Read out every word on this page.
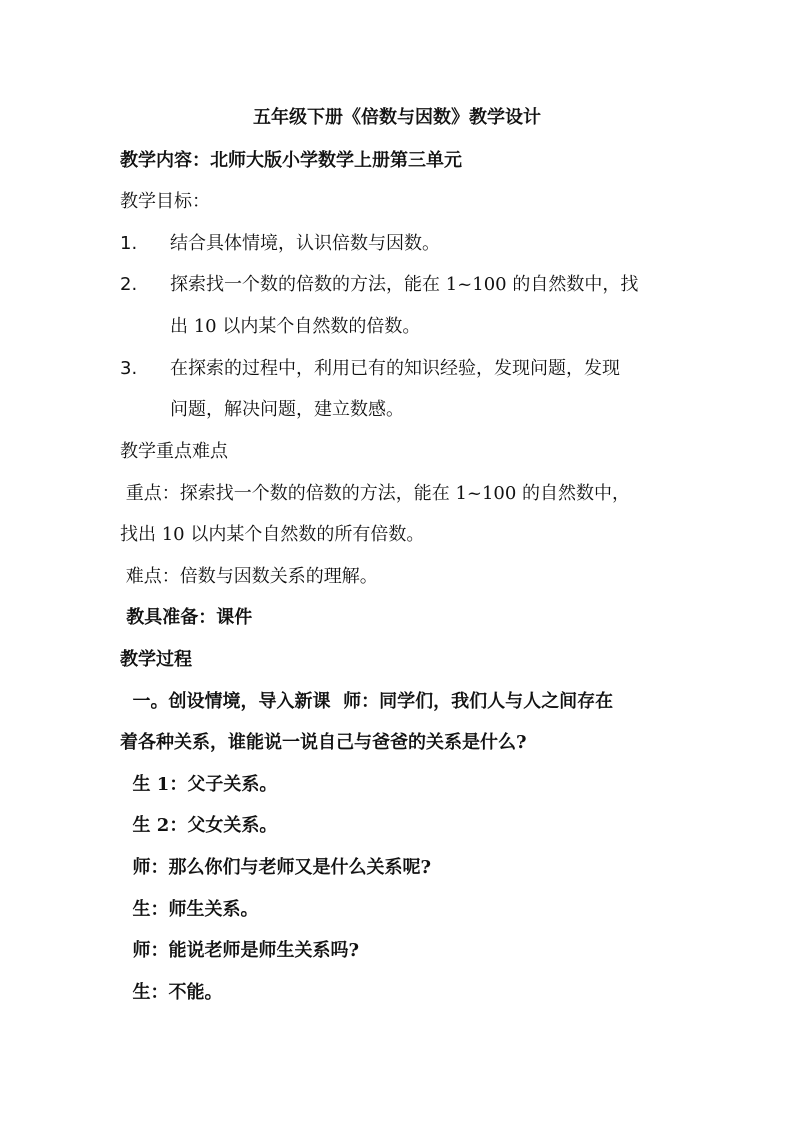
五年级下册《倍数与因数》教学设计
教学内容：北师大版小学数学上册第三单元
教学目标：
1.	结合具体情境，认识倍数与因数。
2.	探索找一个数的倍数的方法，能在 1~100 的自然数中，找
出 10 以内某个自然数的倍数。
3.	在探索的过程中，利用已有的知识经验，发现问题，发现
问题，解决问题，建立数感。
教学重点难点
重点：探索找一个数的倍数的方法，能在 1~100 的自然数中，
找出 10 以内某个自然数的所有倍数。
难点：倍数与因数关系的理解。
教具准备：课件
教学过程
一。创设情境，导入新课  师：同学们，我们人与人之间存在
着各种关系，谁能说一说自己与爸爸的关系是什么?
生 1：父子关系。
生 2：父女关系。
师：那么你们与老师又是什么关系呢?
生：师生关系。
师：能说老师是师生关系吗?
生：不能。
